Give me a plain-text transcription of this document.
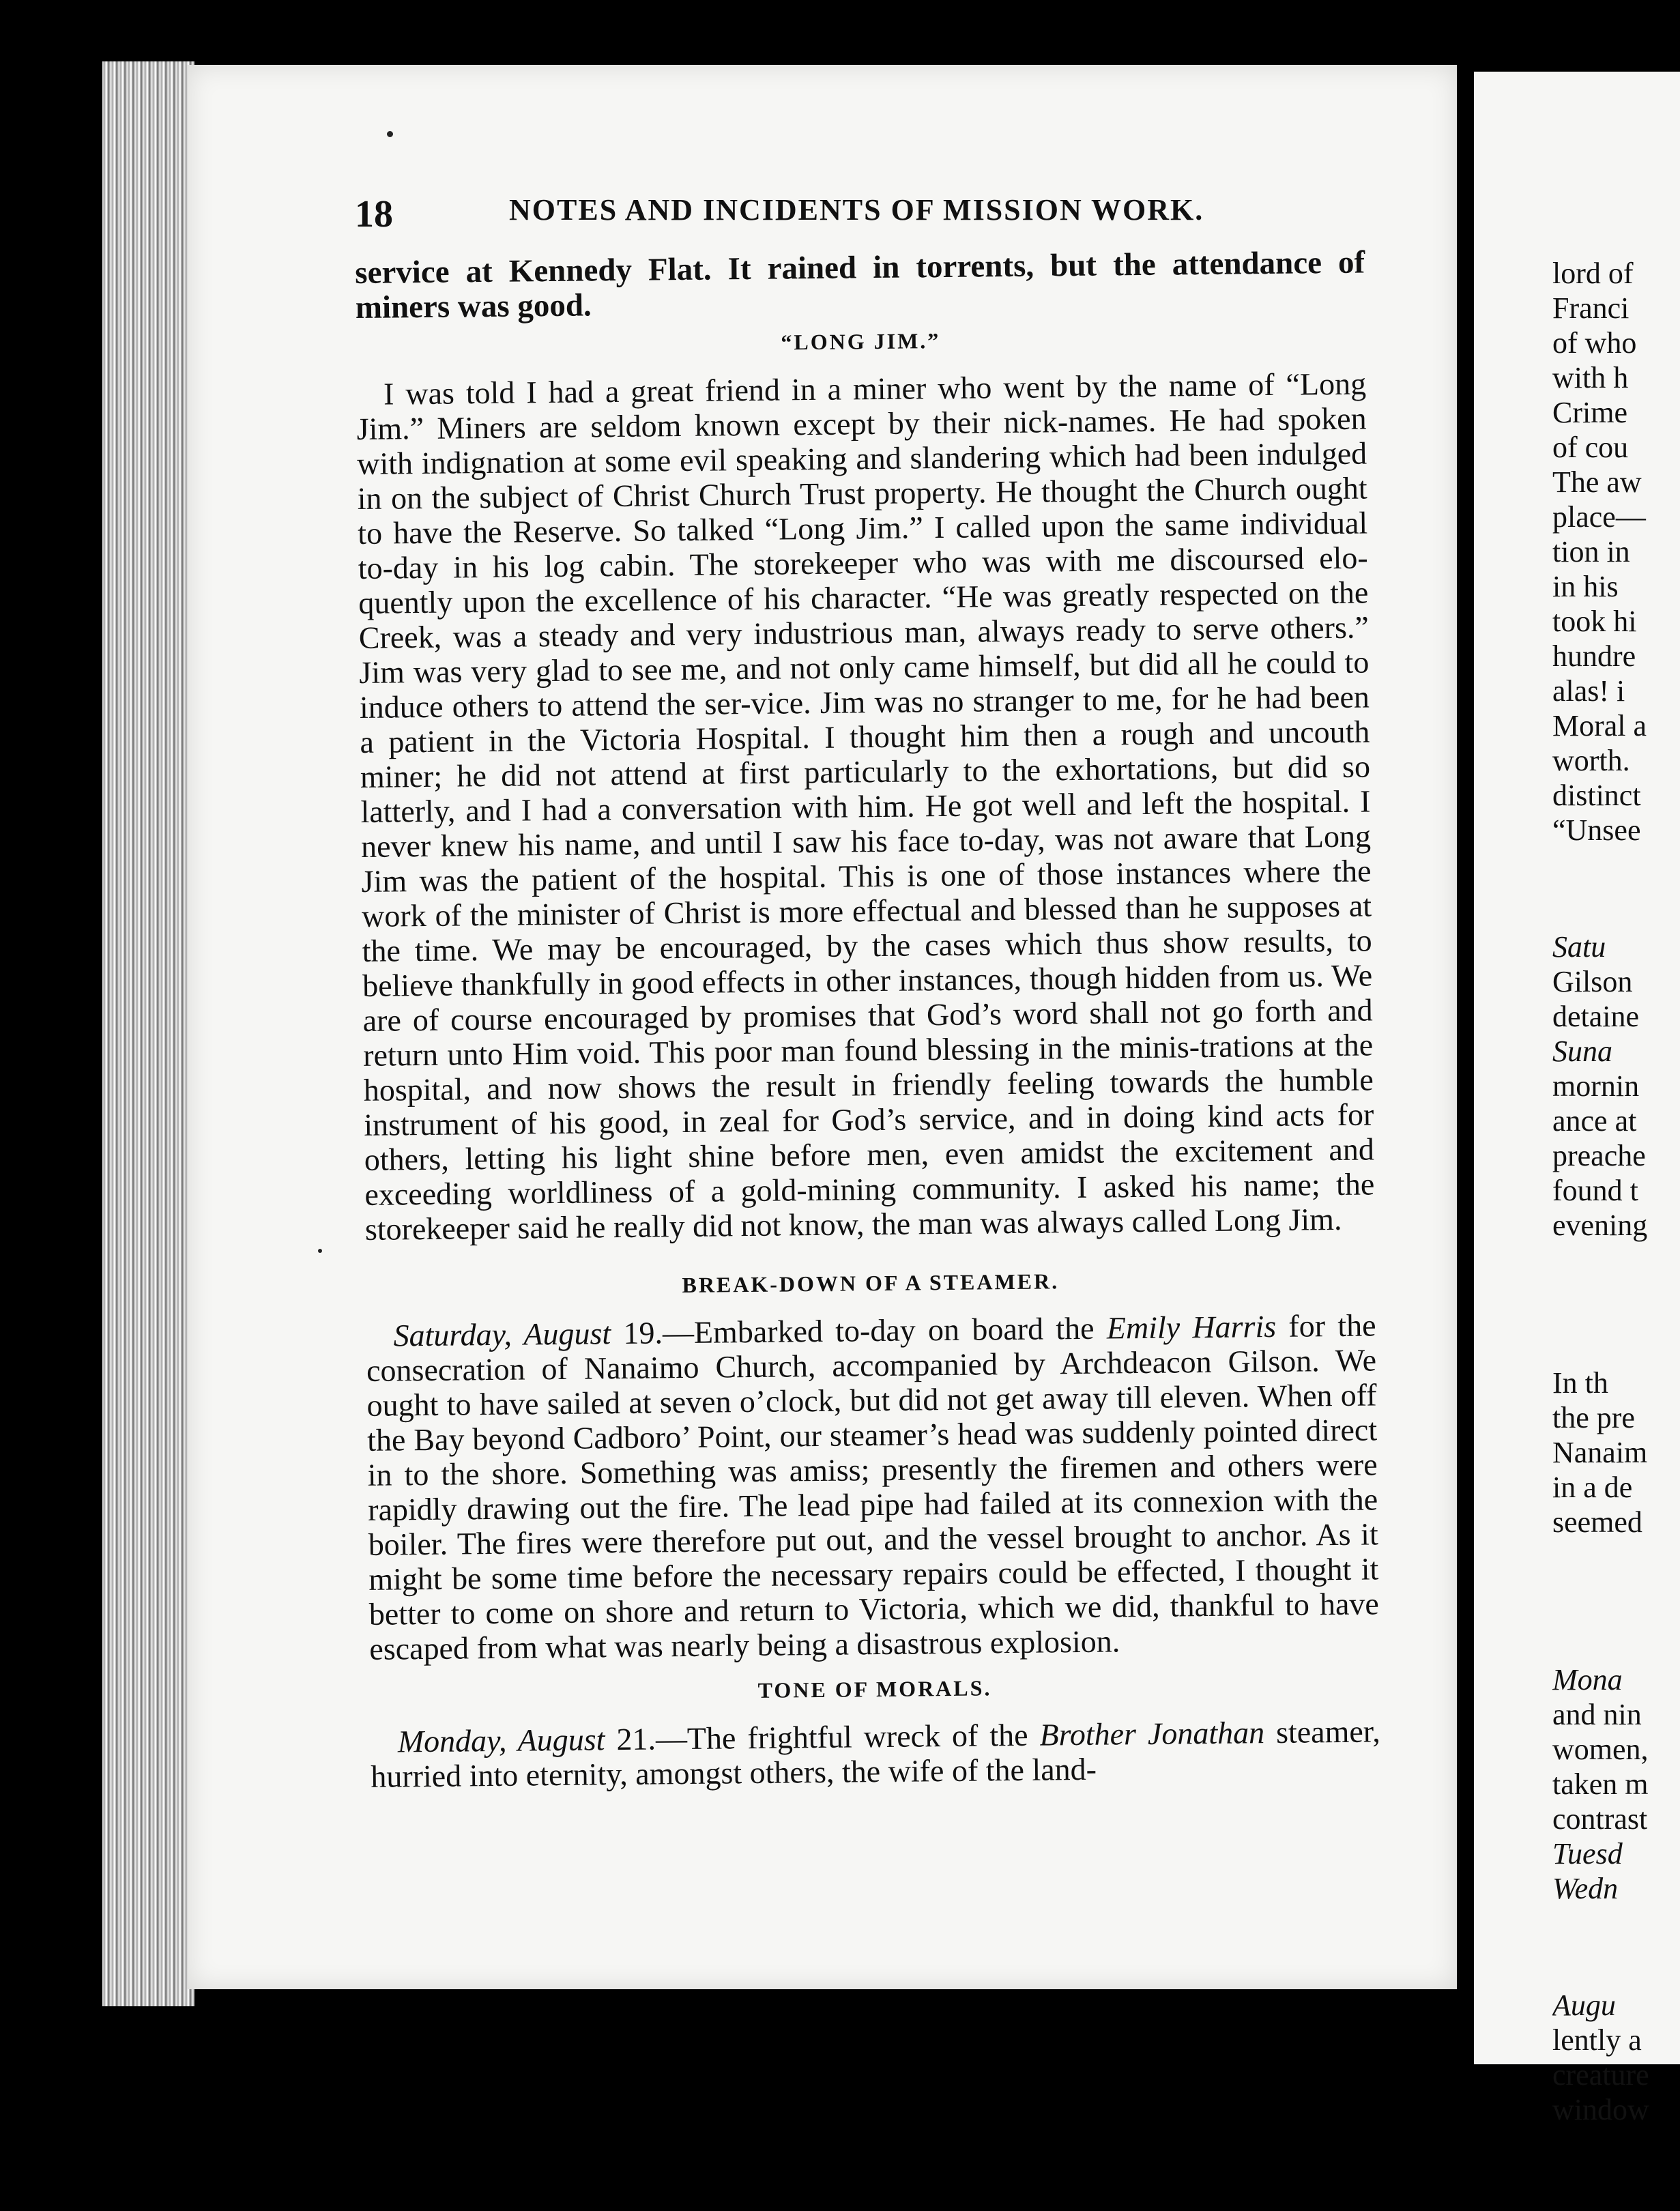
18	NOTES AND INCIDENTS OF MISSION WORK.

service at Kennedy Flat. It rained in torrents, but the attendance of miners was good.

“LONG JIM.”

I was told I had a great friend in a miner who went by the name of “Long Jim.” Miners are seldom known except by their nick-names. He had spoken with indignation at some evil speaking and slandering which had been indulged in on the subject of Christ Church Trust property. He thought the Church ought to have the Reserve. So talked “Long Jim.” I called upon the same individual to-day in his log cabin. The storekeeper who was with me discoursed elo-quently upon the excellence of his character. “He was greatly respected on the Creek, was a steady and very industrious man, always ready to serve others.” Jim was very glad to see me, and not only came himself, but did all he could to induce others to attend the ser-vice. Jim was no stranger to me, for he had been a patient in the Victoria Hospital. I thought him then a rough and uncouth miner; he did not attend at first particularly to the exhortations, but did so latterly, and I had a conversation with him. He got well and left the hospital. I never knew his name, and until I saw his face to-day, was not aware that Long Jim was the patient of the hospital. This is one of those instances where the work of the minister of Christ is more effectual and blessed than he supposes at the time. We may be encouraged, by the cases which thus show results, to believe thankfully in good effects in other instances, though hidden from us. We are of course encouraged by promises that God’s word shall not go forth and return unto Him void. This poor man found blessing in the minis-trations at the hospital, and now shows the result in friendly feeling towards the humble instrument of his good, in zeal for God’s service, and in doing kind acts for others, letting his light shine before men, even amidst the excitement and exceeding worldliness of a gold-mining community. I asked his name; the storekeeper said he really did not know, the man was always called Long Jim.

BREAK-DOWN OF A STEAMER.

Saturday, August 19.—Embarked to-day on board the Emily Harris for the consecration of Nanaimo Church, accompanied by Archdeacon Gilson. We ought to have sailed at seven o’clock, but did not get away till eleven. When off the Bay beyond Cadboro’ Point, our steamer’s head was suddenly pointed direct in to the shore. Something was amiss; presently the firemen and others were rapidly drawing out the fire. The lead pipe had failed at its connexion with the boiler. The fires were therefore put out, and the vessel brought to anchor. As it might be some time before the necessary repairs could be effected, I thought it better to come on shore and return to Victoria, which we did, thankful to have escaped from what was nearly being a disastrous explosion.

TONE OF MORALS.

Monday, August 21.—The frightful wreck of the Brother Jonathan steamer, hurried into eternity, amongst others, the wife of the land-

lord of
Franci
of who
with h
Crime
of cou
The aw
place—
tion in
in his
took hi
hundre
alas! i
Moral a
worth.
distinct
“Unsee
Satu
Gilson
detaine
Suna
mornin
ance at
preache
found t
evening
In th
the pre
Nanaim
in a de
seemed
Mona
and nin
women,
taken m
contrast
Tuesd
Wedn
Augu
lently a
creature
window
